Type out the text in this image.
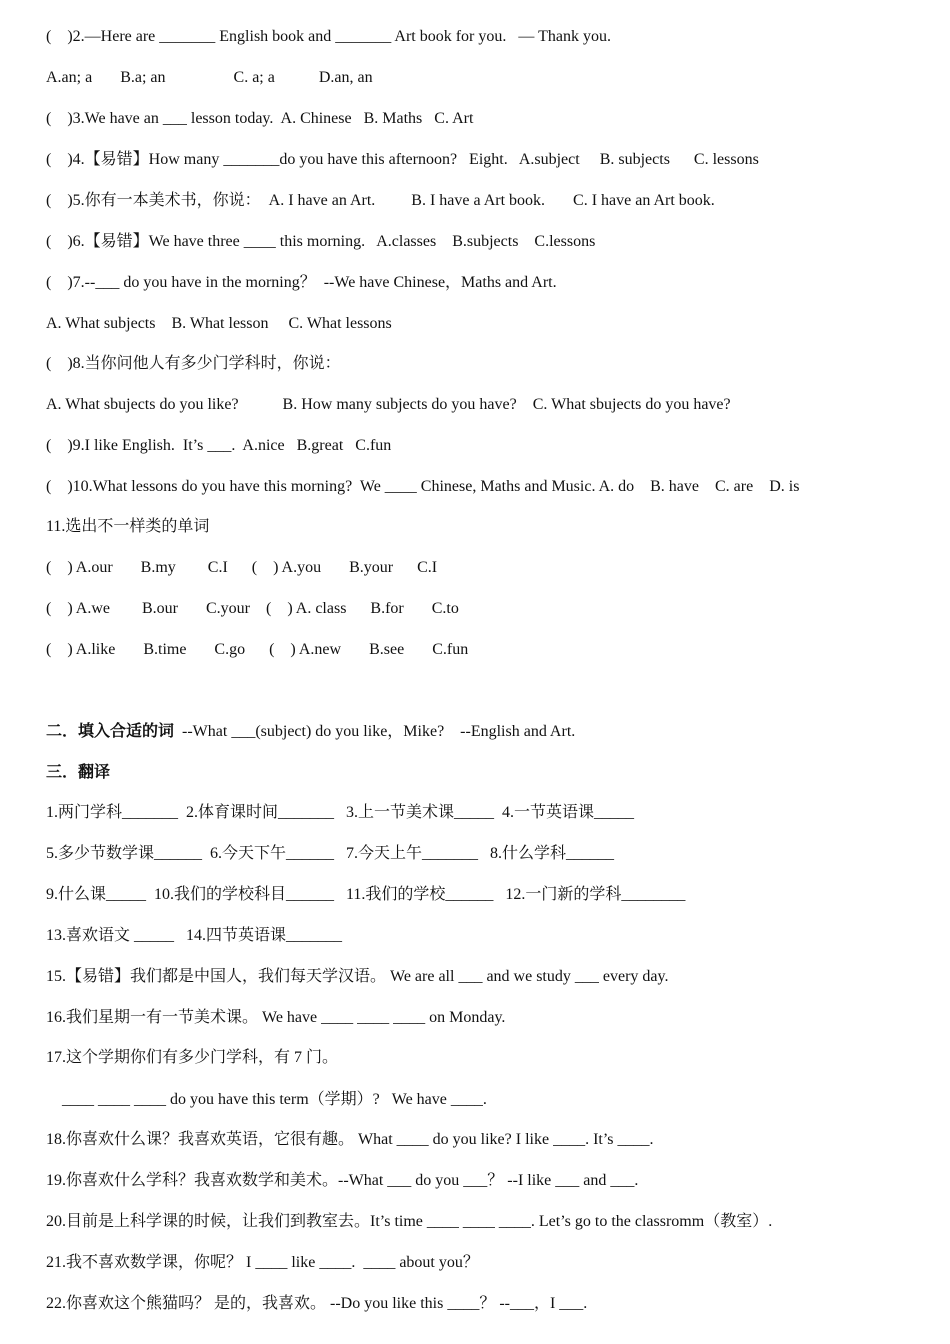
(    )2.—Here are _______ English book and _______ Art book for you.   — Thank you.
A.an; a       B.a; an                 C. a; a           D.an, an
(    )3.We have an ___ lesson today.  A. Chinese   B. Maths   C. Art
(    )4.【易错】How many _______do you have this afternoon?   Eight.   A.subject     B. subjects      C. lessons
(    )5.你有一本美术书，你说：  A. I have an Art.         B. I have a Art book.       C. I have an Art book.
(    )6.【易错】We have three ____ this morning.   A.classes    B.subjects    C.lessons
(    )7.--___ do you have in the morning？  --We have Chinese，Maths and Art.
A. What subjects    B. What lesson     C. What lessons
(    )8.当你问他人有多少门学科时，你说：
A. What sbujects do you like?           B. How many subjects do you have?    C. What sbujects do you have?
(    )9.I like English.  It’s ___.  A.nice   B.great   C.fun
(    )10.What lessons do you have this morning?  We ____ Chinese, Maths and Music. A. do    B. have    C. are    D. is
11.选出不一样类的单词
(    ) A.our       B.my        C.I      (    ) A.you       B.your      C.I
(    ) A.we        B.our       C.your    (    ) A. class      B.for       C.to
(    ) A.like       B.time       C.go      (    ) A.new       B.see       C.fun
二．填入合适的词  --What ___(subject) do you like，Mike?    --English and Art.
三．翻译
1.两门学科_______  2.体育课时间_______   3.上一节美术课_____  4.一节英语课_____
5.多少节数学课______  6.今天下午______   7.今天上午_______   8.什么学科______
9.什么课_____  10.我们的学校科目______   11.我们的学校______   12.一门新的学科________
13.喜欢语文 _____   14.四节英语课_______
15.【易错】我们都是中国人，我们每天学汉语。 We are all ___ and we study ___ every day.
16.我们星期一有一节美术课。 We have ____ ____ ____ on Monday.
17.这个学期你们有多少门学科，有 7 门。
____ ____ ____ do you have this term（学期）?   We have ____.
18.你喜欢什么课？我喜欢英语，它很有趣。 What ____ do you like? I like ____. It’s ____.
19.你喜欢什么学科？我喜欢数学和美术。--What ___ do you ___？ --I like ___ and ___.
20.目前是上科学课的时候，让我们到教室去。It’s time ____ ____ ____. Let’s go to the classromm（教室）.
21.我不喜欢数学课，你呢？ I ____ like ____.  ____ about you？
22.你喜欢这个熊猫吗？ 是的，我喜欢。 --Do you like this ____？ --___，I ___.
